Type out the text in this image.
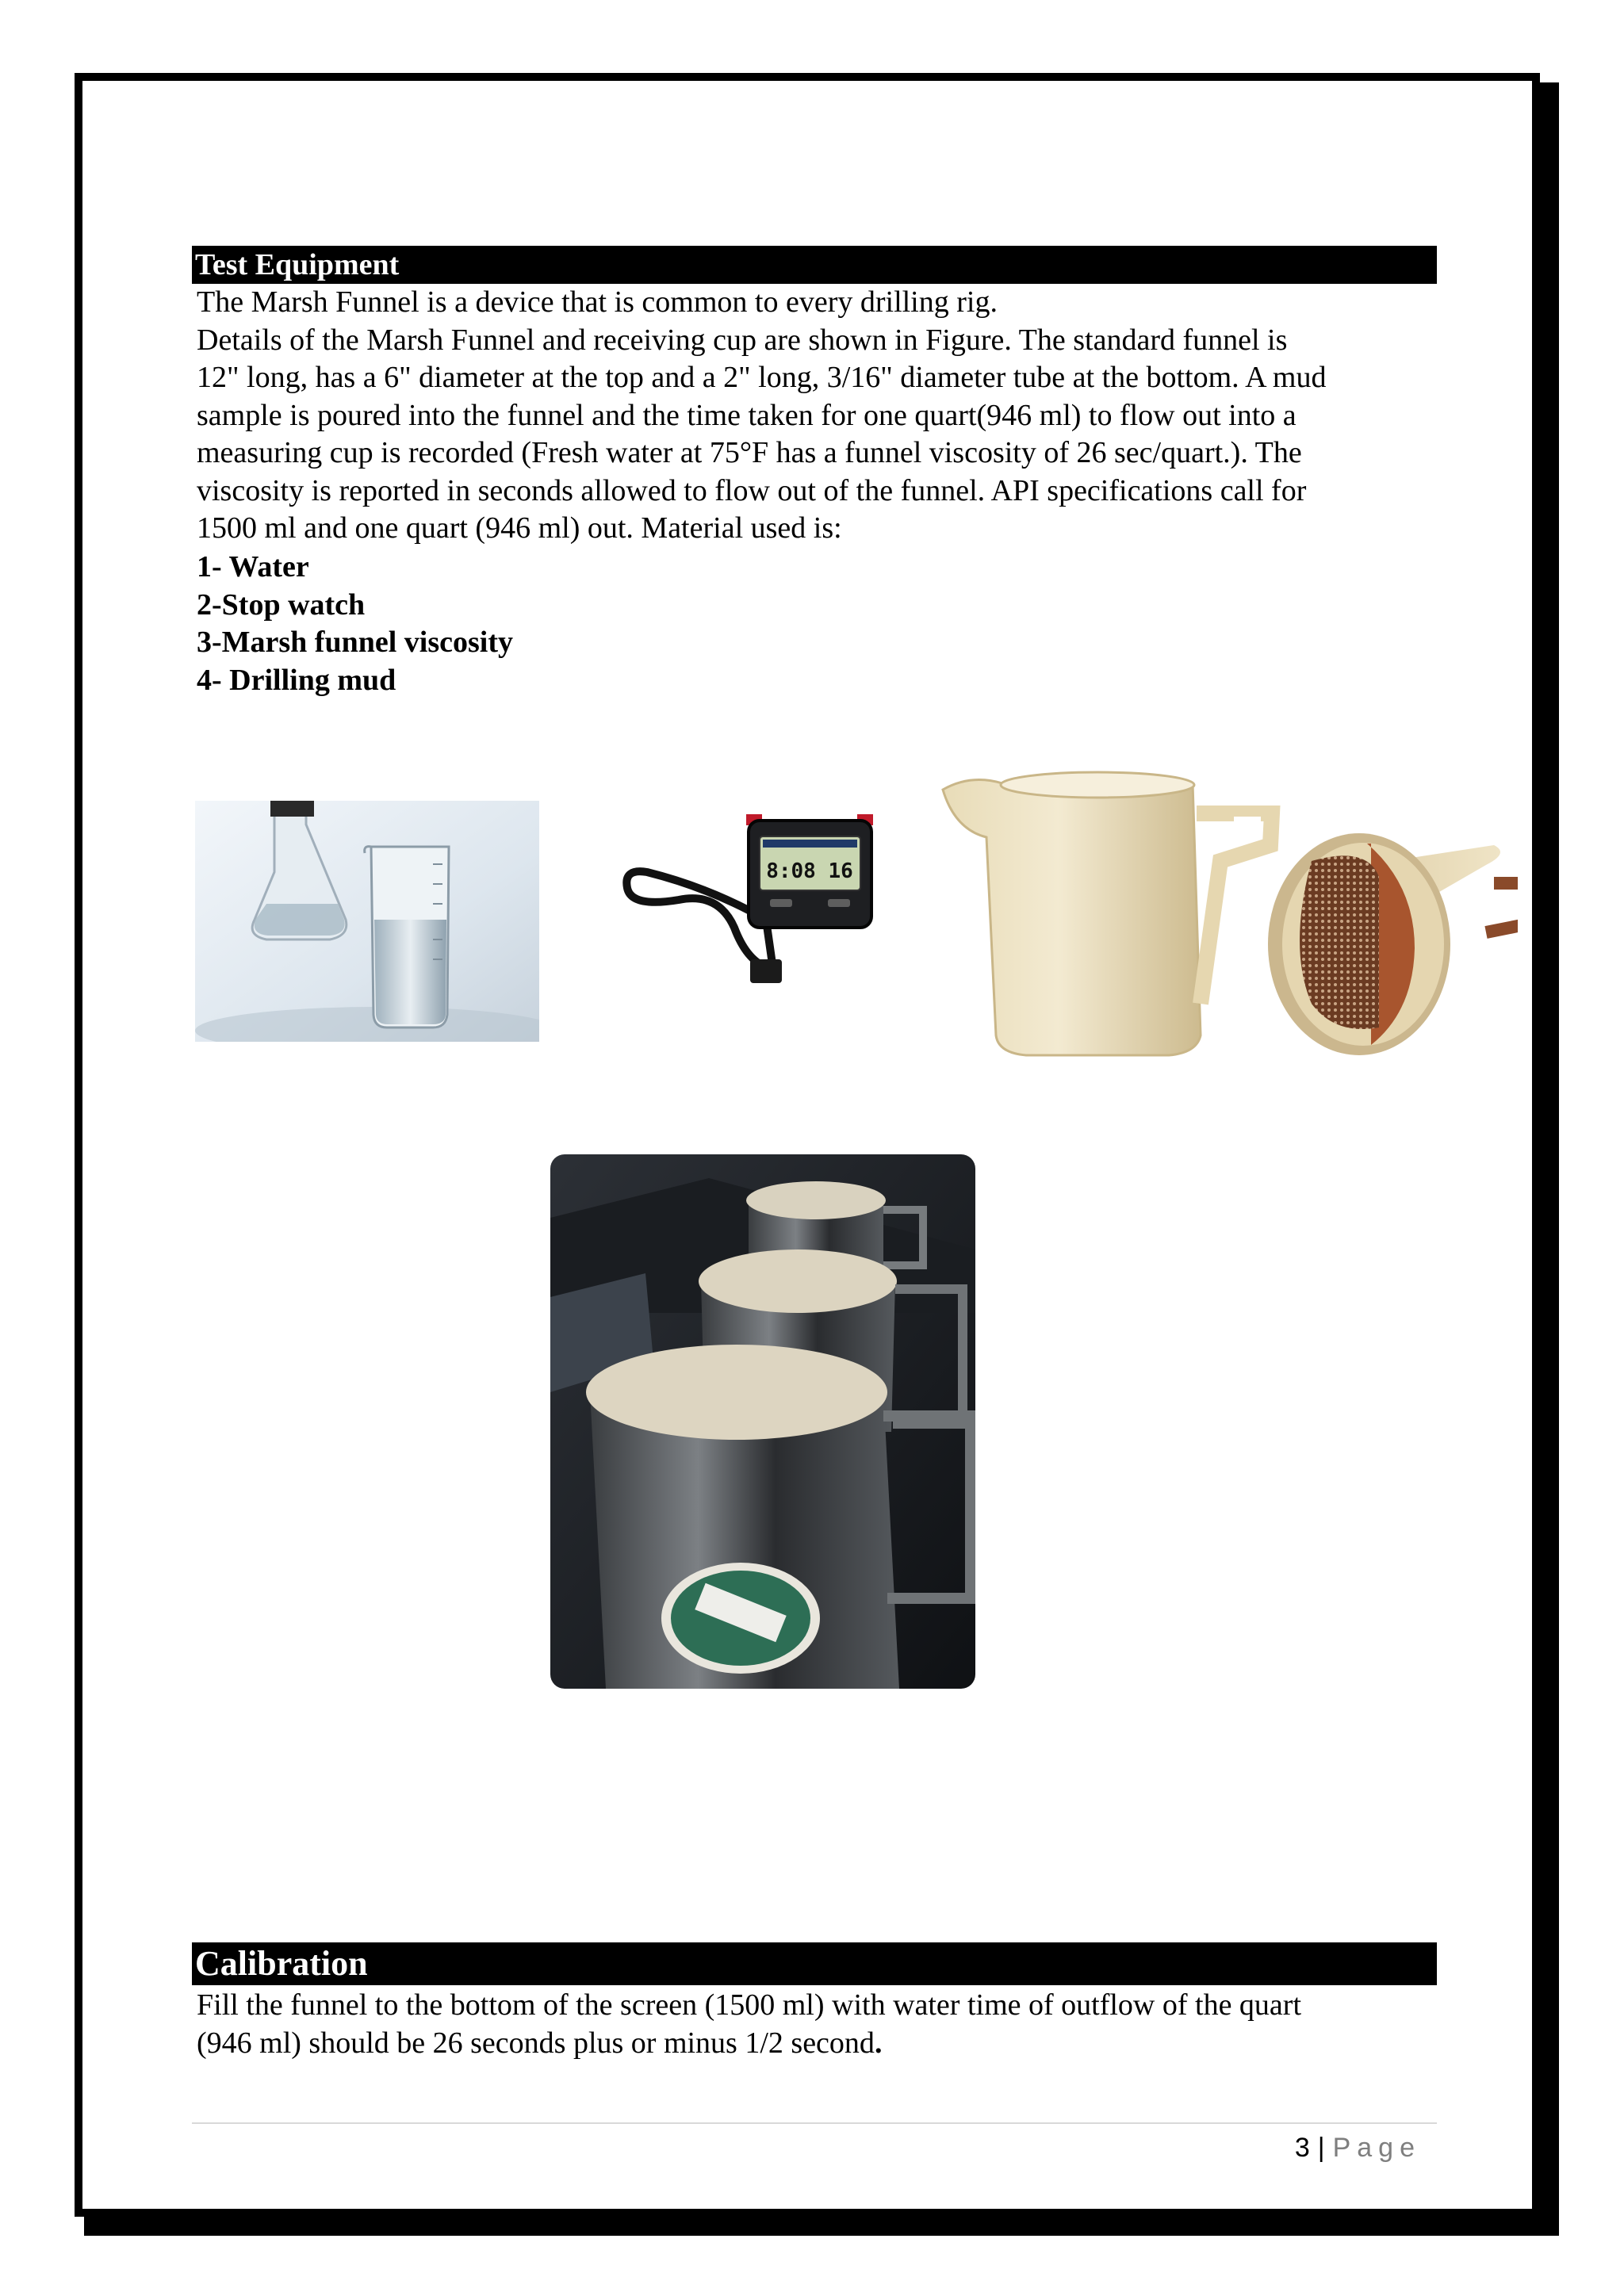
Test Equipment
The Marsh Funnel is a device that is common to every drilling rig.
Details of the Marsh Funnel and receiving cup are shown in Figure. The standard funnel is
12" long, has a 6" diameter at the top and a 2" long, 3/16" diameter tube at the bottom. A mud
sample is poured into the funnel and the time taken for one quart(946 ml) to flow out into a
measuring cup is recorded (Fresh water at 75°F has a funnel viscosity of 26 sec/quart.). The
viscosity is reported in seconds allowed to flow out of the funnel. API specifications call for
1500 ml and one quart (946 ml) out. Material used is:
1- Water
2-Stop watch
3-Marsh funnel viscosity
4- Drilling mud
8:08 16
Calibration
Fill the funnel to the bottom of the screen (1500 ml) with water time of outflow of the quart
(946 ml) should be 26 seconds plus or minus 1/2 second.
3 | Page
